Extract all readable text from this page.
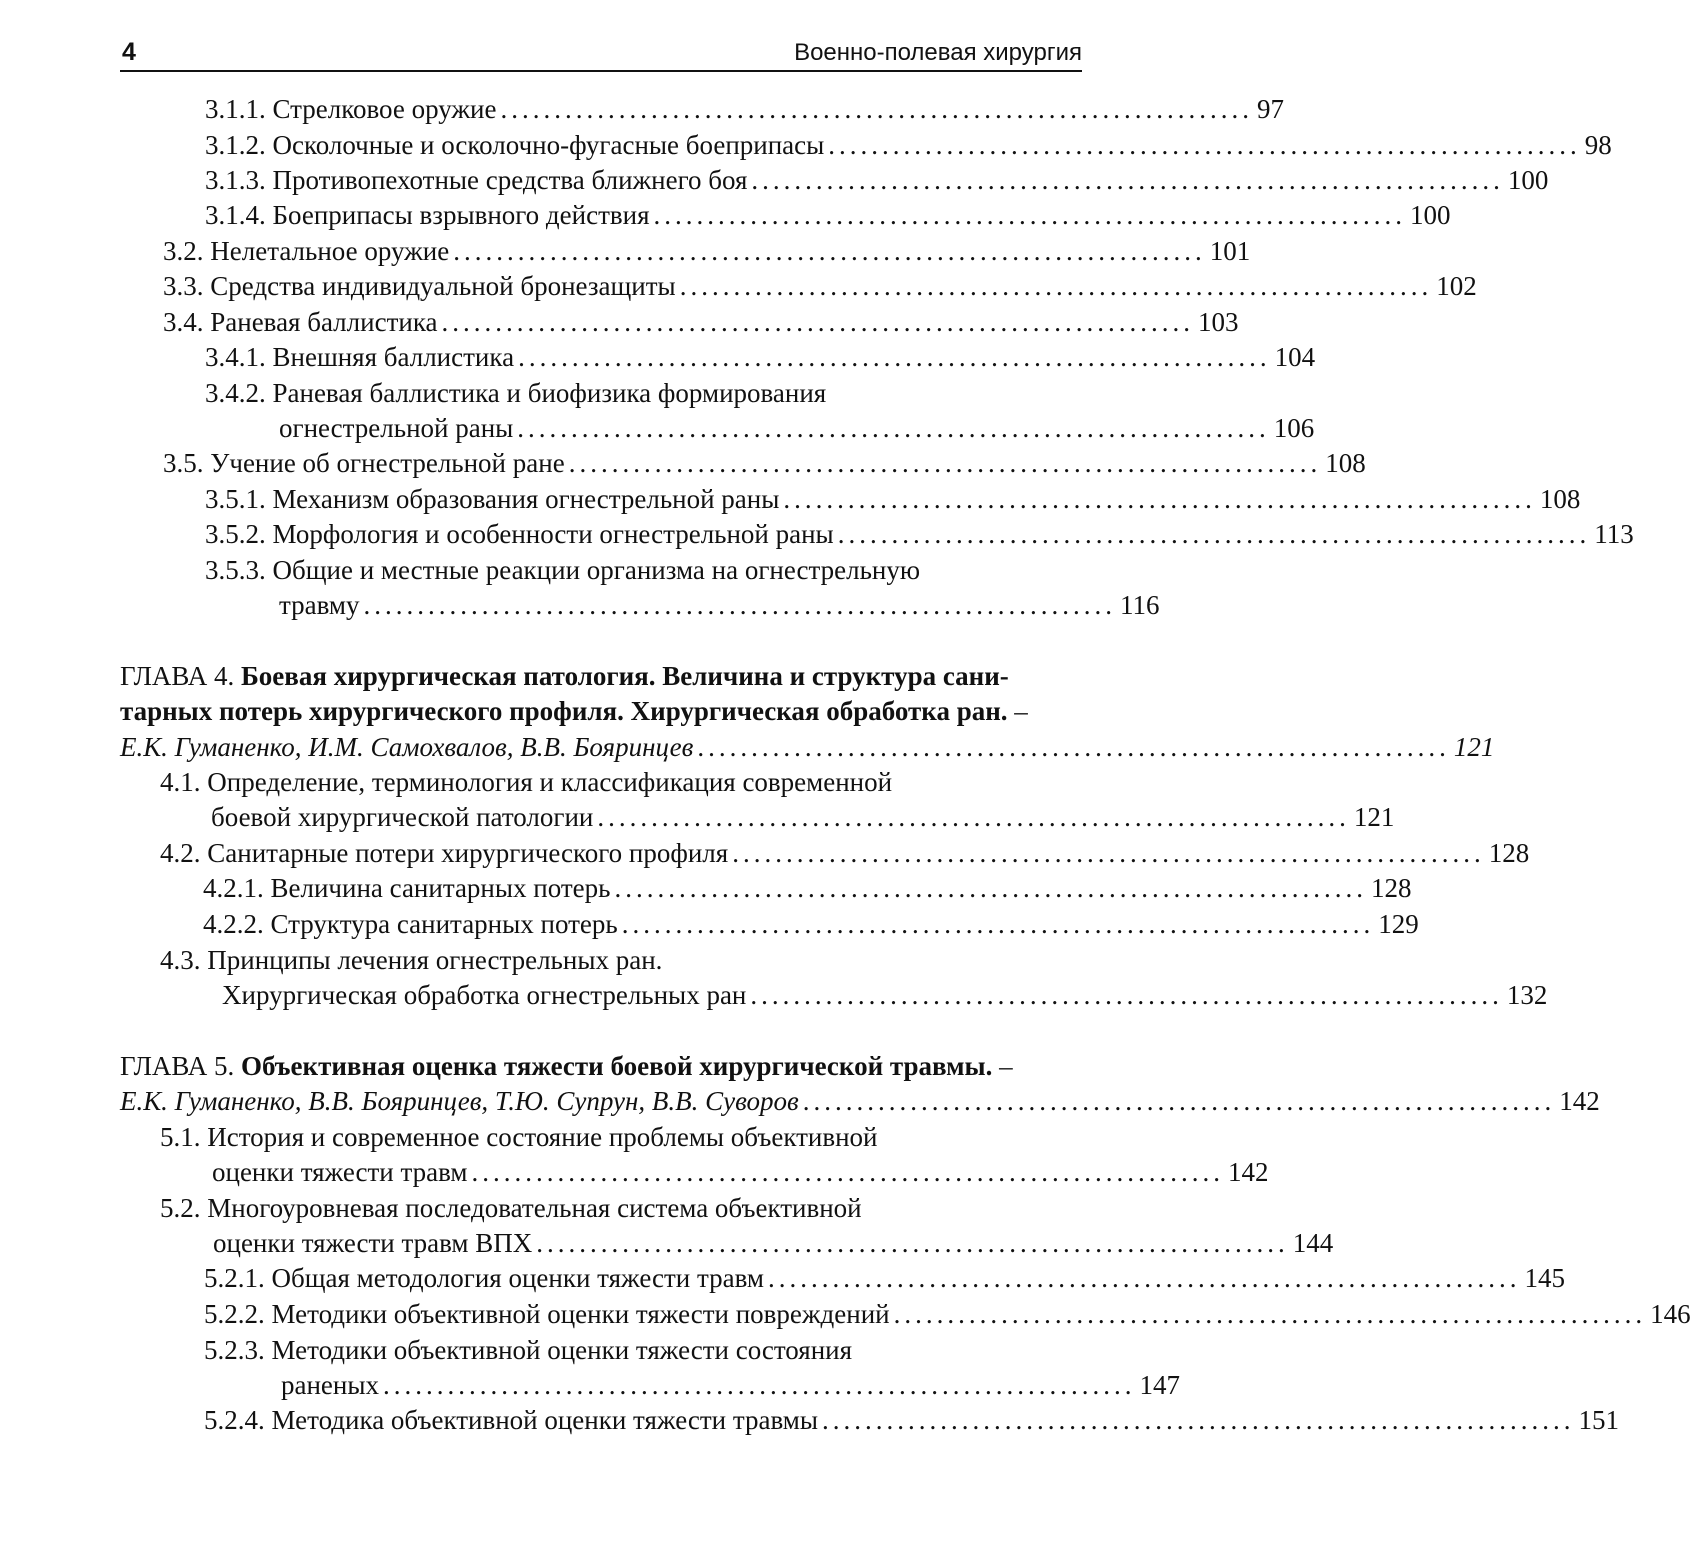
4	Военно-полевая хирургия
3.1.1. Стрелковое оружие ...................................................................... 97
3.1.2. Осколочные и осколочно-фугасные боеприпасы ...................................................................... 98
3.1.3. Противопехотные средства ближнего боя ...................................................................... 100
3.1.4. Боеприпасы взрывного действия ...................................................................... 100
3.2. Нелетальное оружие ...................................................................... 101
3.3. Средства индивидуальной бронезащиты ...................................................................... 102
3.4. Раневая баллистика ...................................................................... 103
3.4.1. Внешняя баллистика ...................................................................... 104
3.4.2. Раневая баллистика и биофизика формирования
огнестрельной раны ...................................................................... 106
3.5. Учение об огнестрельной ране ...................................................................... 108
3.5.1. Механизм образования огнестрельной раны ...................................................................... 108
3.5.2. Морфология и особенности огнестрельной раны ...................................................................... 113
3.5.3. Общие и местные реакции организма на огнестрельную
травму ...................................................................... 116
ГЛАВА 4. Боевая хирургическая патология. Величина и структура сани-
тарных потерь хирургического профиля. Хирургическая обработка ран. –
Е.К. Гуманенко, И.М. Самохвалов, В.В. Бояринцев ...................................................................... 121
4.1. Определение, терминология и классификация современной
боевой хирургической патологии ...................................................................... 121
4.2. Санитарные потери хирургического профиля ...................................................................... 128
4.2.1. Величина санитарных потерь ...................................................................... 128
4.2.2. Структура санитарных потерь ...................................................................... 129
4.3. Принципы лечения огнестрельных ран.
Хирургическая обработка огнестрельных ран ...................................................................... 132
ГЛАВА 5. Объективная оценка тяжести боевой хирургической травмы. –
Е.К. Гуманенко, В.В. Бояринцев, Т.Ю. Супрун, В.В. Суворов ...................................................................... 142
5.1. История и современное состояние проблемы объективной
оценки тяжести травм ...................................................................... 142
5.2. Многоуровневая последовательная система объективной
оценки тяжести травм ВПХ ...................................................................... 144
5.2.1. Общая методология оценки тяжести травм ...................................................................... 145
5.2.2. Методики объективной оценки тяжести повреждений ...................................................................... 146
5.2.3. Методики объективной оценки тяжести состояния
раненых ...................................................................... 147
5.2.4. Методика объективной оценки тяжести травмы ...................................................................... 151
